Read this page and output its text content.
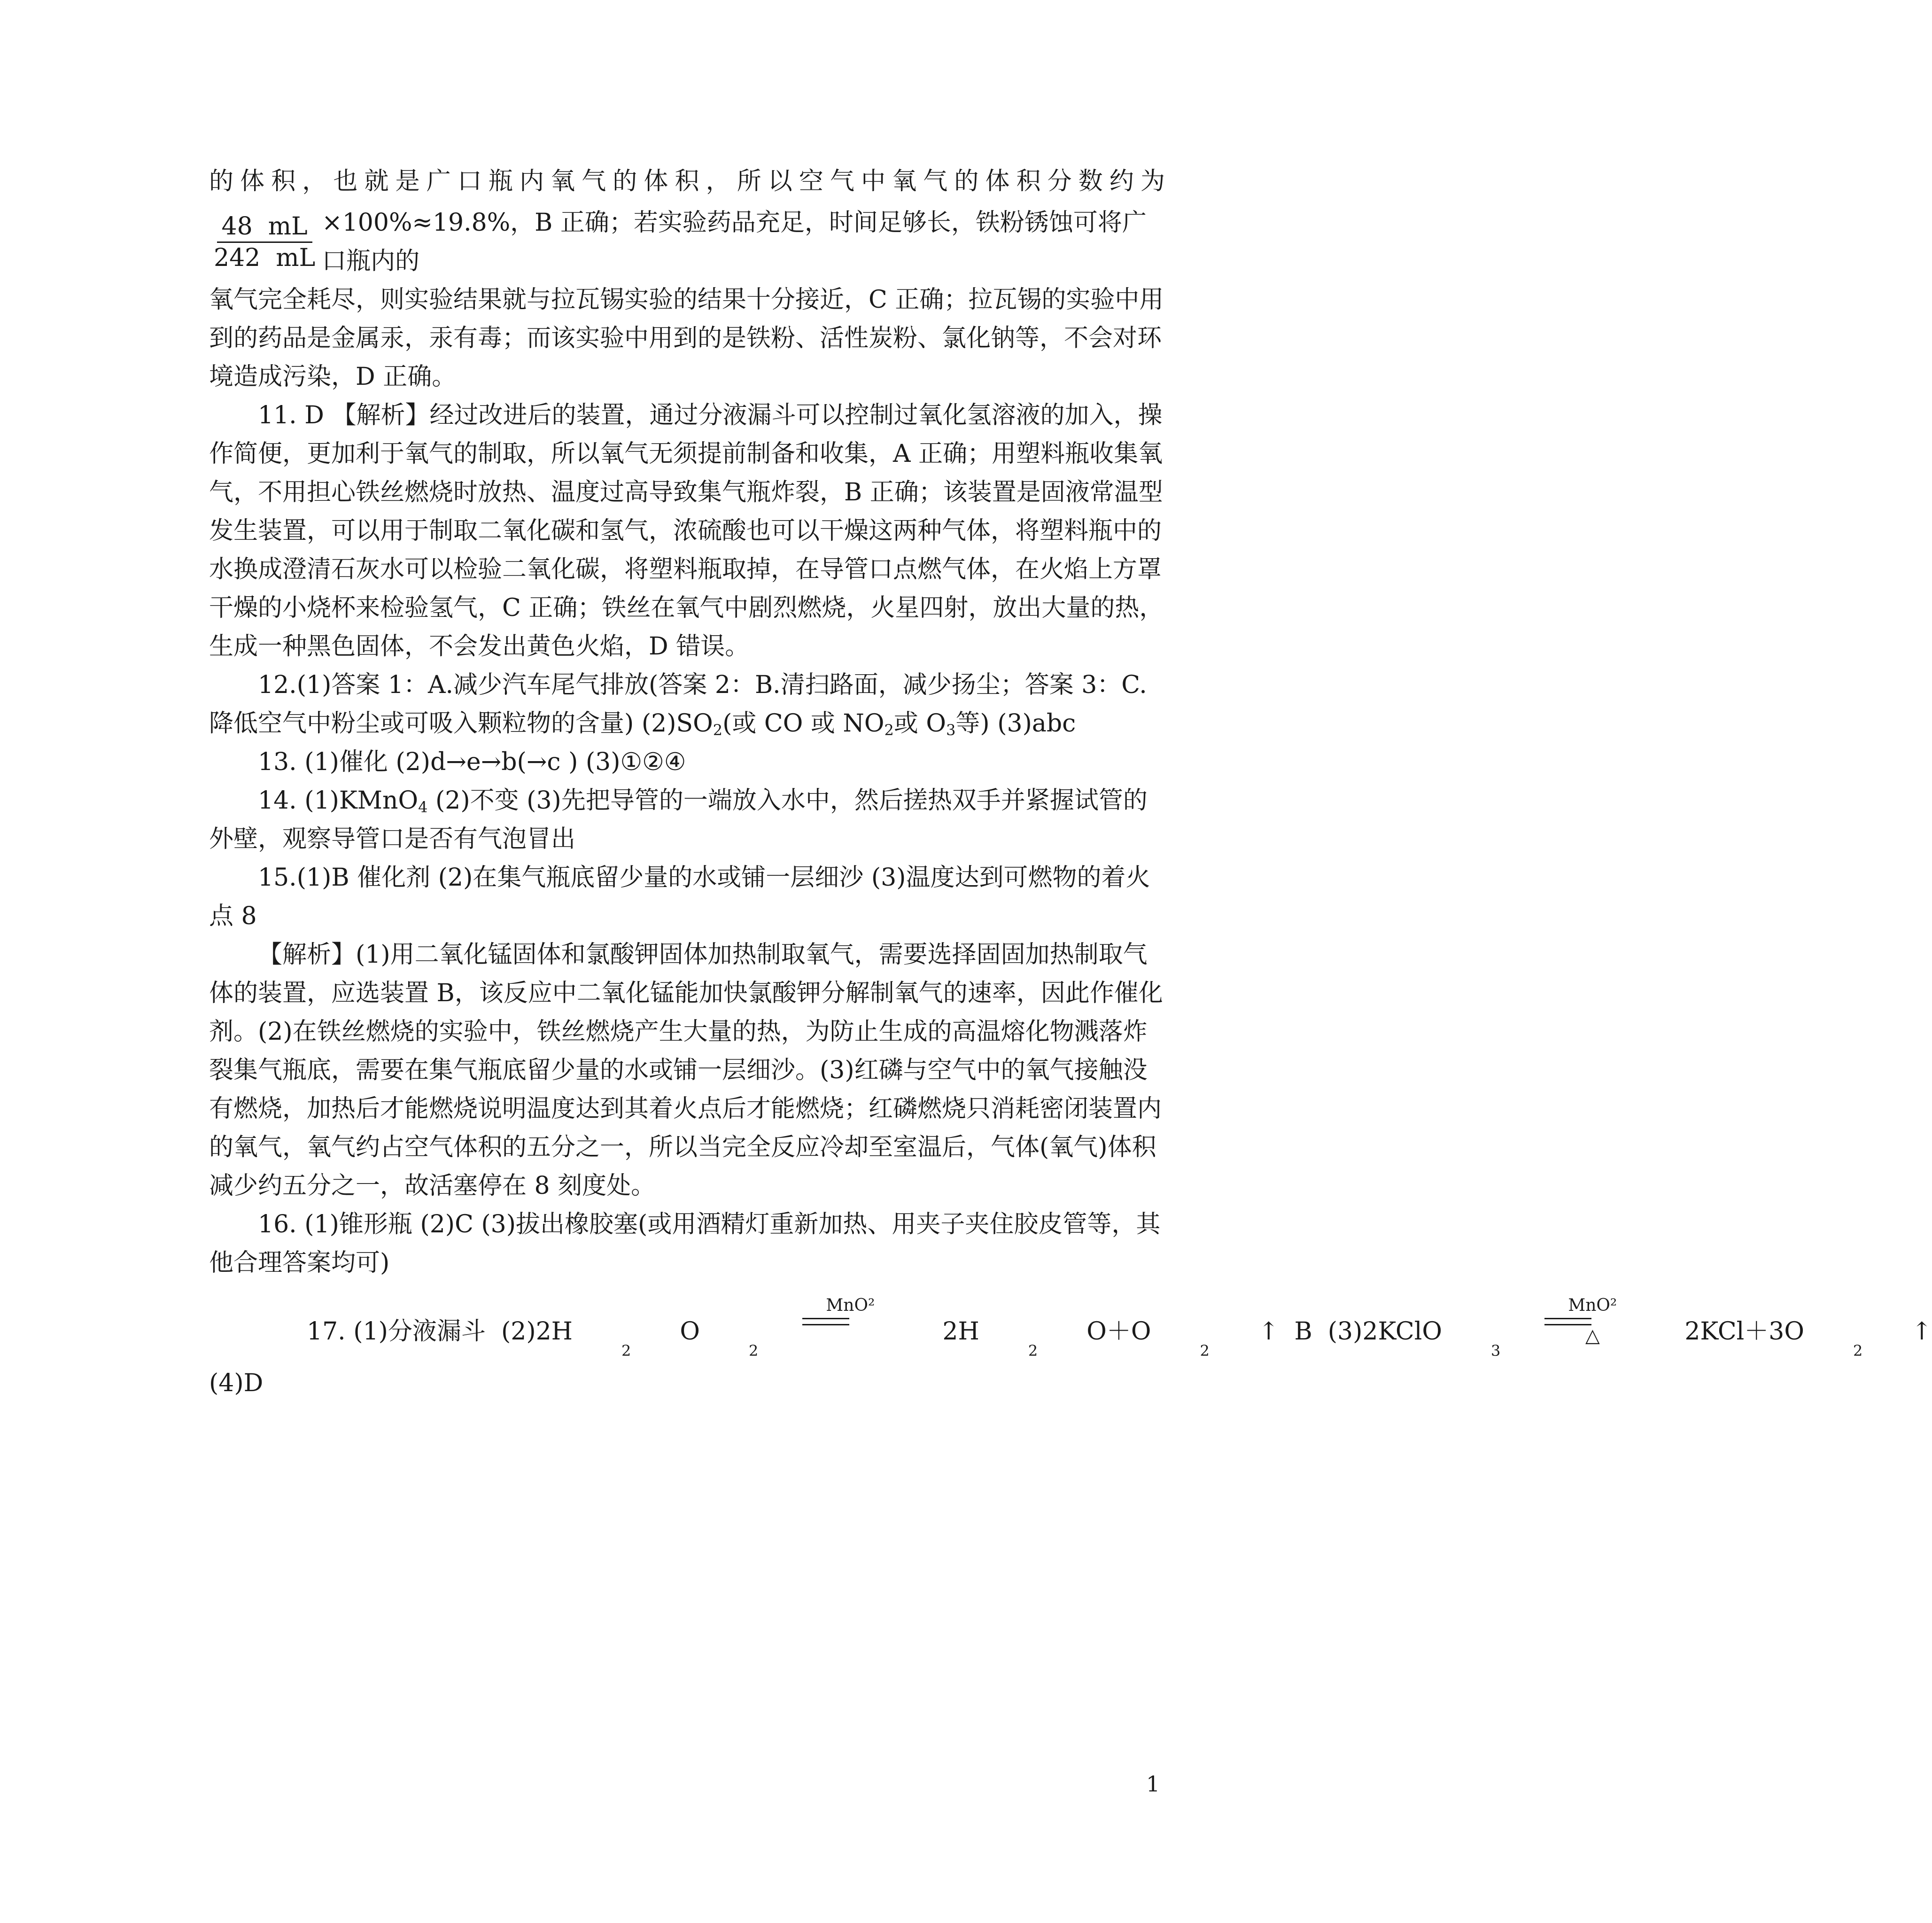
的体积，也就是广口瓶内氧气的体积，所以空气中氧气的体积分数约为

$\frac{48 mL}{242 mL} \times 100\%\approx 19.8\%$，B 正确；若实验药品充足，时间足够长，铁粉锈蚀可将广口瓶内的

氧气完全耗尽，则实验结果就与拉瓦锡实验的结果十分接近，C 正确；拉瓦锡的实验中用到的药品是金属汞，汞有毒；而该实验中用到的是铁粉、活性炭粉、氯化钠等，不会对环境造成污染，D 正确。

11. D 【解析】经过改进后的装置，通过分液漏斗可以控制过氧化氢溶液的加入，操作简便，更加利于氧气的制取，所以氧气无须提前制备和收集，A 正确；用塑料瓶收集氧气，不用担心铁丝燃烧时放热、温度过高导致集气瓶炸裂，B 正确；该装置是固液常温型发生装置，可以用于制取二氧化碳和氢气，浓硫酸也可以干燥这两种气体，将塑料瓶中的水换成澄清石灰水可以检验二氧化碳，将塑料瓶取掉，在导管口点燃气体，在火焰上方罩干燥的小烧杯来检验氢气，C 正确；铁丝在氧气中剧烈燃烧，火星四射，放出大量的热，生成一种黑色固体，不会发出黄色火焰，D 错误。

12.(1)答案 1：A.减少汽车尾气排放(答案 2：B.清扫路面，减少扬尘；答案 3：C.降低空气中粉尘或可吸入颗粒物的含量) $(2)SO_2$(或 CO 或 $NO_2$或 $O_3$等) (3)abc

13. (1)催化 (2)d→e→b(→c ) (3)①②④

14. (1)KMnO$_4$ (2)不变 (3)先把导管的一端放入水中，然后搓热双手并紧握试管的外壁，观察导管口是否有气泡冒出

15.(1)B 催化剂 (2)在集气瓶底留少量的水或铺一层细沙 (3)温度达到可燃物的着火点 8

【解析】(1)用二氧化锰固体和氯酸钾固体加热制取氧气，需要选择固固加热制取气体的装置，应选装置 B，该反应中二氧化锰能加快氯酸钾分解制氧气的速率，因此作催化剂。(2)在铁丝燃烧的实验中，铁丝燃烧产生大量的热，为防止生成的高温熔化物溅落炸裂集气瓶底，需要在集气瓶底留少量的水或铺一层细沙。(3)红磷与空气中的氧气接触没有燃烧，加热后才能燃烧说明温度达到其着火点后才能燃烧；红磷燃烧只消耗密闭装置内的氧气，氧气约占空气体积的五分之一，所以当完全反应冷却至室温后，气体(氧气)体积减少约五分之一，故活塞停在 8 刻度处。

16. (1)锥形瓶 (2)C (3)拔出橡胶塞(或用酒精灯重新加热、用夹子夹住胶皮管等，其他合理答案均可)

17. (1)分液漏斗  (2)2H
2
O
2
MnO²

2H
2
O＋O
2
↑  B  (3)2KClO
3
MnO²
△	2KCl＋3O
2
↑

(4)D

1
